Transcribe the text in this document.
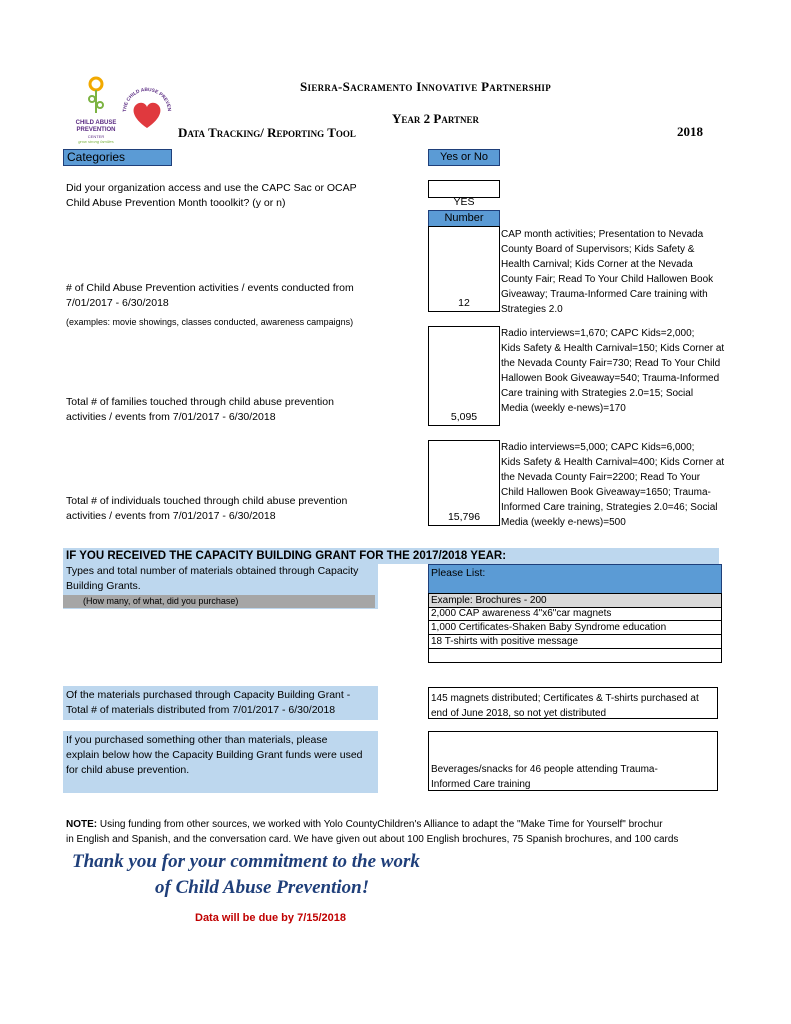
CHILD ABUSE
PREVENTION
CENTER
grow strong families
THE CHILD ABUSE PREVEN
Sierra-Sacramento Innovative Partnership
Year 2 Partner
Data Tracking/ Reporting Tool	2018
Categories	Yes or No
Did your organization access and use the CAPC Sac or OCAP
Child Abuse Prevention Month tooolkit? (y or n)	YES
Number
# of Child Abuse Prevention activities / events conducted from
7/01/2017 - 6/30/2018
(examples: movie showings, classes conducted, awareness campaigns)
12
CAP month activities; Presentation to Nevada
County Board of Supervisors; Kids Safety &
Health Carnival; Kids Corner at the Nevada
County Fair; Read To Your Child Hallowen Book
Giveaway; Trauma-Informed Care training with
Strategies 2.0
Total # of families touched through child abuse prevention
activities / events from 7/01/2017 - 6/30/2018	5,095
Radio interviews=1,670; CAPC Kids=2,000;
Kids Safety & Health Carnival=150; Kids Corner at
the Nevada County Fair=730; Read To Your Child
Hallowen Book Giveaway=540; Trauma-Informed
Care training with Strategies 2.0=15; Social
Media (weekly e-news)=170
Total # of individuals touched through child abuse prevention
activities / events from 7/01/2017 - 6/30/2018	15,796
Radio interviews=5,000; CAPC Kids=6,000;
Kids Safety & Health Carnival=400; Kids Corner at
the Nevada County Fair=2200; Read To Your
Child Hallowen Book Giveaway=1650; Trauma-
Informed Care training, Strategies 2.0=46; Social
Media (weekly e-news)=500
IF YOU RECEIVED THE CAPACITY BUILDING GRANT FOR THE 2017/2018 YEAR:
Types and total number of materials obtained through Capacity
Building Grants.
(How many, of what, did you purchase)
Please List:
Example: Brochures - 200
2,000 CAP awareness 4"x6"car magnets
1,000 Certificates-Shaken Baby Syndrome education
18 T-shirts with positive message
Of the materials purchased through Capacity Building Grant -
Total # of materials distributed from 7/01/2017 - 6/30/2018
145 magnets distributed; Certificates & T-shirts purchased at
end of June 2018, so not yet distributed
If you purchased something other than materials, please
explain below how the Capacity Building Grant funds were used
for child abuse prevention.	Beverages/snacks for 46 people attending Trauma-
Informed Care training
NOTE: Using funding from other sources, we worked with Yolo CountyChildren's Alliance to adapt the "Make Time for Yourself" brochur
in English and Spanish, and the conversation card. We have given out about 100 English brochures, 75 Spanish brochures, and 100 cards
Thank you for your commitment to the work
of Child Abuse Prevention!
Data will be due by 7/15/2018
